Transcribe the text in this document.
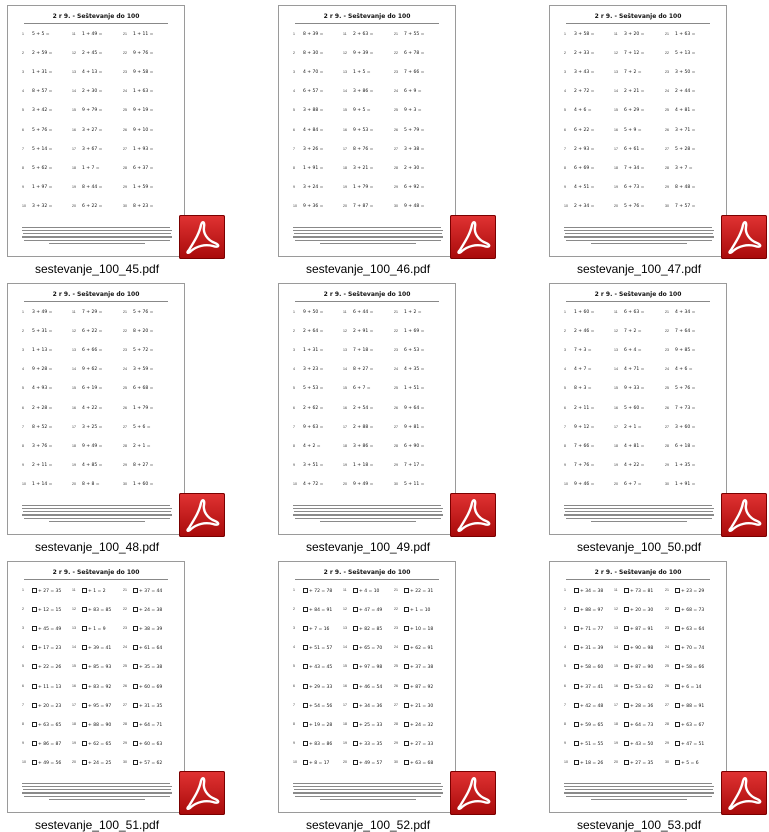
2 r 9. - Seštevanje do 100
1 5 + 5 =
2 2 + 59 =
3 1 + 31 =
4 8 + 57 =
5 3 + 42 =
6 5 + 76 =
7 5 + 14 =
8 5 + 62 =
9 1 + 97 =
10 3 + 32 =
11 1 + 49 =
12 2 + 45 =
13 4 + 13 =
14 2 + 30 =
15 9 + 79 =
16 3 + 27 =
17 3 + 67 =
18 1 + 7 =
19 8 + 44 =
20 6 + 22 =
21 1 + 11 =
22 9 + 76 =
23 9 + 58 =
24 1 + 63 =
25 9 + 19 =
26 9 + 10 =
27 1 + 93 =
28 6 + 37 =
29 1 + 59 =
30 8 + 23 =
sestevanje_100_45.pdf
2 r 9. - Seštevanje do 100
1 8 + 39 =
2 8 + 30 =
3 4 + 70 =
4 6 + 57 =
5 3 + 88 =
6 4 + 84 =
7 3 + 26 =
8 1 + 91 =
9 3 + 24 =
10 9 + 36 =
11 2 + 63 =
12 9 + 39 =
13 1 + 5 =
14 3 + 86 =
15 9 + 5 =
16 9 + 53 =
17 8 + 76 =
18 3 + 21 =
19 1 + 79 =
20 7 + 87 =
21 7 + 55 =
22 6 + 78 =
23 7 + 66 =
24 6 + 9 =
25 9 + 3 =
26 5 + 79 =
27 3 + 38 =
28 2 + 30 =
29 6 + 92 =
30 9 + 48 =
sestevanje_100_46.pdf
2 r 9. - Seštevanje do 100
1 3 + 58 =
2 2 + 33 =
3 3 + 43 =
4 2 + 72 =
5 4 + 6 =
6 6 + 22 =
7 2 + 93 =
8 6 + 69 =
9 4 + 51 =
10 2 + 34 =
11 3 + 20 =
12 7 + 12 =
13 7 + 2 =
14 2 + 21 =
15 6 + 29 =
16 5 + 9 =
17 6 + 61 =
18 7 + 34 =
19 6 + 73 =
20 5 + 76 =
21 1 + 63 =
22 5 + 13 =
23 3 + 50 =
24 2 + 44 =
25 4 + 81 =
26 3 + 71 =
27 5 + 28 =
28 3 + 7 =
29 8 + 48 =
30 7 + 57 =
sestevanje_100_47.pdf
2 r 9. - Seštevanje do 100
1 3 + 49 =
2 5 + 31 =
3 1 + 13 =
4 9 + 28 =
5 4 + 93 =
6 2 + 28 =
7 8 + 52 =
8 3 + 76 =
9 2 + 11 =
10 1 + 14 =
11 7 + 29 =
12 6 + 22 =
13 6 + 66 =
14 9 + 62 =
15 6 + 19 =
16 4 + 22 =
17 3 + 25 =
18 9 + 49 =
19 4 + 85 =
20 8 + 8 =
21 5 + 76 =
22 8 + 20 =
23 5 + 72 =
24 3 + 59 =
25 6 + 68 =
26 1 + 79 =
27 5 + 6 =
28 2 + 1 =
29 8 + 27 =
30 1 + 60 =
sestevanje_100_48.pdf
2 r 9. - Seštevanje do 100
1 9 + 50 =
2 2 + 64 =
3 1 + 31 =
4 3 + 23 =
5 5 + 53 =
6 2 + 62 =
7 9 + 63 =
8 4 + 2 =
9 3 + 51 =
10 4 + 72 =
11 6 + 44 =
12 2 + 91 =
13 7 + 18 =
14 8 + 27 =
15 6 + 7 =
16 2 + 54 =
17 2 + 88 =
18 3 + 86 =
19 1 + 18 =
20 9 + 49 =
21 1 + 2 =
22 1 + 69 =
23 6 + 53 =
24 4 + 35 =
25 1 + 51 =
26 9 + 64 =
27 9 + 81 =
28 6 + 90 =
29 7 + 17 =
30 5 + 11 =
sestevanje_100_49.pdf
2 r 9. - Seštevanje do 100
1 1 + 60 =
2 2 + 46 =
3 7 + 3 =
4 4 + 7 =
5 8 + 3 =
6 2 + 11 =
7 9 + 12 =
8 7 + 66 =
9 7 + 76 =
10 9 + 46 =
11 6 + 63 =
12 7 + 2 =
13 6 + 4 =
14 4 + 71 =
15 9 + 33 =
16 5 + 60 =
17 2 + 1 =
18 4 + 81 =
19 4 + 22 =
20 6 + 7 =
21 4 + 34 =
22 7 + 64 =
23 9 + 85 =
24 4 + 6 =
25 5 + 76 =
26 7 + 73 =
27 3 + 60 =
28 6 + 18 =
29 1 + 35 =
30 1 + 91 =
sestevanje_100_50.pdf
2 r 9. - Seštevanje do 100
1	+ 27 = 35
2	+ 12 = 15
3	+ 45 = 49
4	+ 17 = 23
5	+ 22 = 26
6	+ 11 = 13
7	+ 20 = 23
8	+ 63 = 65
9	+ 86 = 87
10	+ 49 = 56
11	+ 1 = 2
12	+ 83 = 85
13	+ 1 = 9
14	+ 39 = 41
15	+ 85 = 93
16	+ 83 = 92
17	+ 95 = 97
18	+ 88 = 90
19	+ 62 = 65
20	+ 24 = 25
21	+ 37 = 44
22	+ 24 = 38
23	+ 38 = 39
24	+ 61 = 64
25	+ 35 = 38
26	+ 60 = 69
27	+ 31 = 35
28	+ 64 = 71
29	+ 60 = 63
30	+ 57 = 62
sestevanje_100_51.pdf
2 r 9. - Seštevanje do 100
1	+ 72 = 78
2	+ 84 = 91
3	+ 7 = 16
4	+ 51 = 57
5	+ 43 = 45
6	+ 29 = 33
7	+ 54 = 56
8	+ 19 = 28
9	+ 83 = 86
10	+ 8 = 17
11	+ 4 = 10
12	+ 47 = 49
13	+ 82 = 85
14	+ 65 = 70
15	+ 97 = 98
16	+ 46 = 54
17	+ 34 = 36
18	+ 25 = 33
19	+ 33 = 35
20	+ 49 = 57
21	+ 22 = 31
22	+ 1 = 10
23	+ 10 = 18
24	+ 62 = 91
25	+ 37 = 38
26	+ 87 = 92
27	+ 21 = 30
28	+ 24 = 32
29	+ 27 = 33
30	+ 63 = 68
sestevanje_100_52.pdf
2 r 9. - Seštevanje do 100
1	+ 34 = 38
2	+ 88 = 97
3	+ 71 = 77
4	+ 31 = 39
5	+ 58 = 60
6	+ 37 = 41
7	+ 42 = 48
8	+ 59 = 65
9	+ 51 = 55
10	+ 18 = 26
11	+ 73 = 81
12	+ 20 = 30
13	+ 87 = 91
14	+ 90 = 98
15	+ 87 = 90
16	+ 53 = 62
17	+ 28 = 36
18	+ 64 = 73
19	+ 43 = 50
20	+ 27 = 35
21	+ 23 = 29
22	+ 68 = 73
23	+ 63 = 64
24	+ 70 = 74
25	+ 58 = 66
26	+ 6 = 14
27	+ 88 = 91
28	+ 63 = 67
29	+ 47 = 51
30	+ 5 = 6
sestevanje_100_53.pdf
